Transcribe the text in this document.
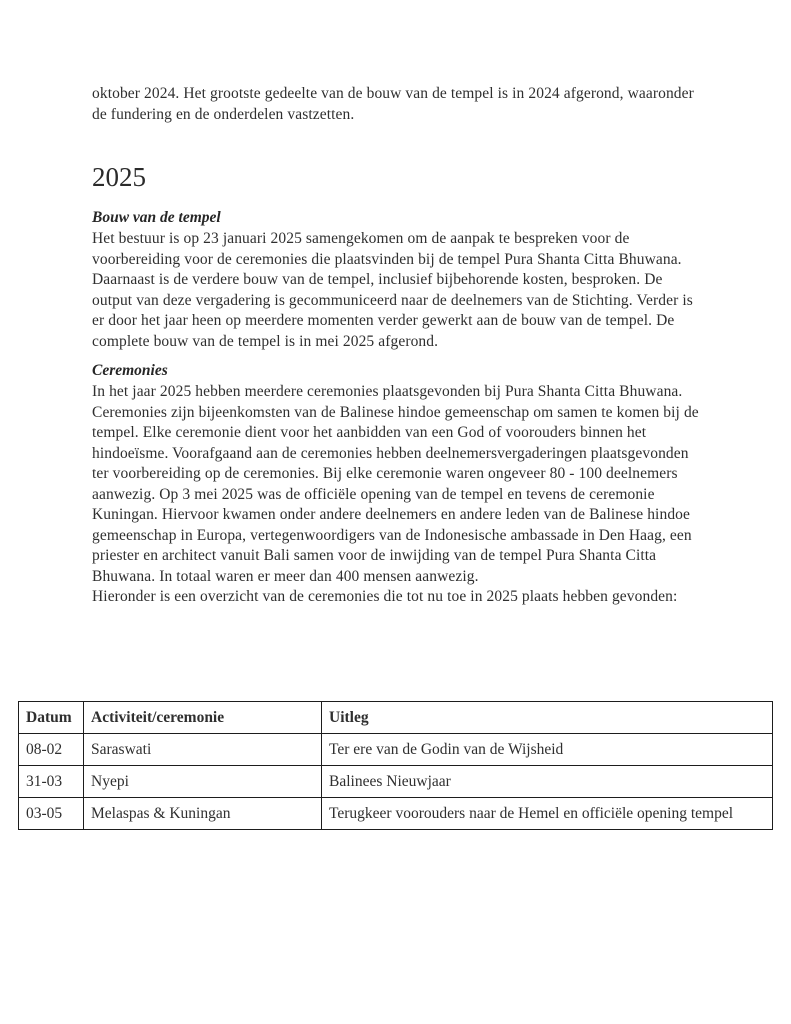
oktober 2024. Het grootste gedeelte van de bouw van de tempel is in 2024 afgerond, waaronder de fundering en de onderdelen vastzetten.

2025
Bouw van de tempel

Het bestuur is op 23 januari 2025 samengekomen om de aanpak te bespreken voor de voorbereiding voor de ceremonies die plaatsvinden bij de tempel Pura Shanta Citta Bhuwana. Daarnaast is de verdere bouw van de tempel, inclusief bijbehorende kosten, besproken. De output van deze vergadering is gecommuniceerd naar de deelnemers van de Stichting. Verder is er door het jaar heen op meerdere momenten verder gewerkt aan de bouw van de tempel. De complete bouw van de tempel is in mei 2025 afgerond.

Ceremonies

In het jaar 2025 hebben meerdere ceremonies plaatsgevonden bij Pura Shanta Citta Bhuwana. Ceremonies zijn bijeenkomsten van de Balinese hindoe gemeenschap om samen te komen bij de tempel. Elke ceremonie dient voor het aanbidden van een God of voorouders binnen het hindoeïsme. Voorafgaand aan de ceremonies hebben deelnemersvergaderingen plaatsgevonden ter voorbereiding op de ceremonies. Bij elke ceremonie waren ongeveer 80 - 100 deelnemers aanwezig. Op 3 mei 2025 was de officiële opening van de tempel en tevens de ceremonie Kuningan. Hiervoor kwamen onder andere deelnemers en andere leden van de Balinese hindoe gemeenschap in Europa, vertegenwoordigers van de Indonesische ambassade in Den Haag, een priester en architect vanuit Bali samen voor de inwijding van de tempel Pura Shanta Citta Bhuwana. In totaal waren er meer dan 400 mensen aanwezig.

Hieronder is een overzicht van de ceremonies die tot nu toe in 2025 plaats hebben gevonden:

Datum	Activiteit/ceremonie	Uitleg
08-02	Saraswati	Ter ere van de Godin van de Wijsheid
31-03	Nyepi	Balinees Nieuwjaar
03-05	Melaspas & Kuningan	Terugkeer voorouders naar de Hemel en officiële opening tempel
